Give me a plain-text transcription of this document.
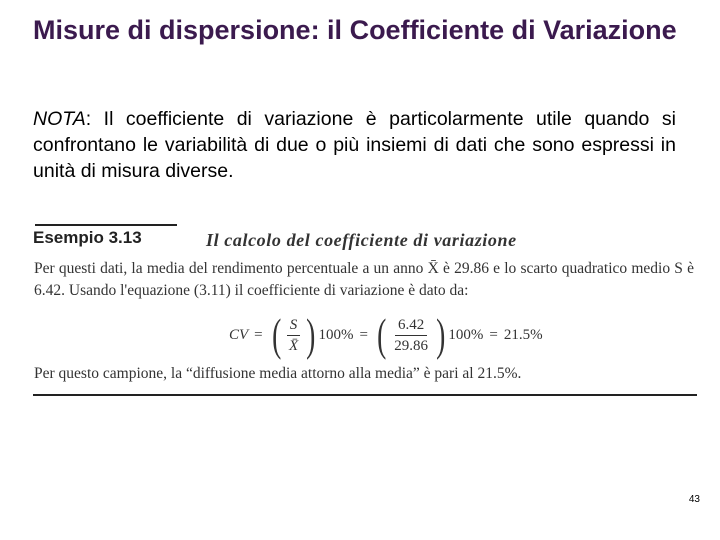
Misure di dispersione: il Coefficiente di Variazione
NOTA: Il coefficiente di variazione è particolarmente utile quando si confrontano le variabilità di due o più insiemi di dati che sono espressi in unità di misura diverse.
Esempio 3.13	Il calcolo del coefficiente di variazione
Per questi dati, la media del rendimento percentuale a un anno X̄ è 29.86 e lo scarto quadratico medio S è 6.42. Usando l'equazione (3.11) il coefficiente di variazione è dato da:
CV = ( $\frac{S}{X̄}$ ) 100% = ( $\frac{6.42}{29.86}$ ) 100% = 21.5%
Per questo campione, la “diffusione media attorno alla media” è pari al 21.5%.
43
